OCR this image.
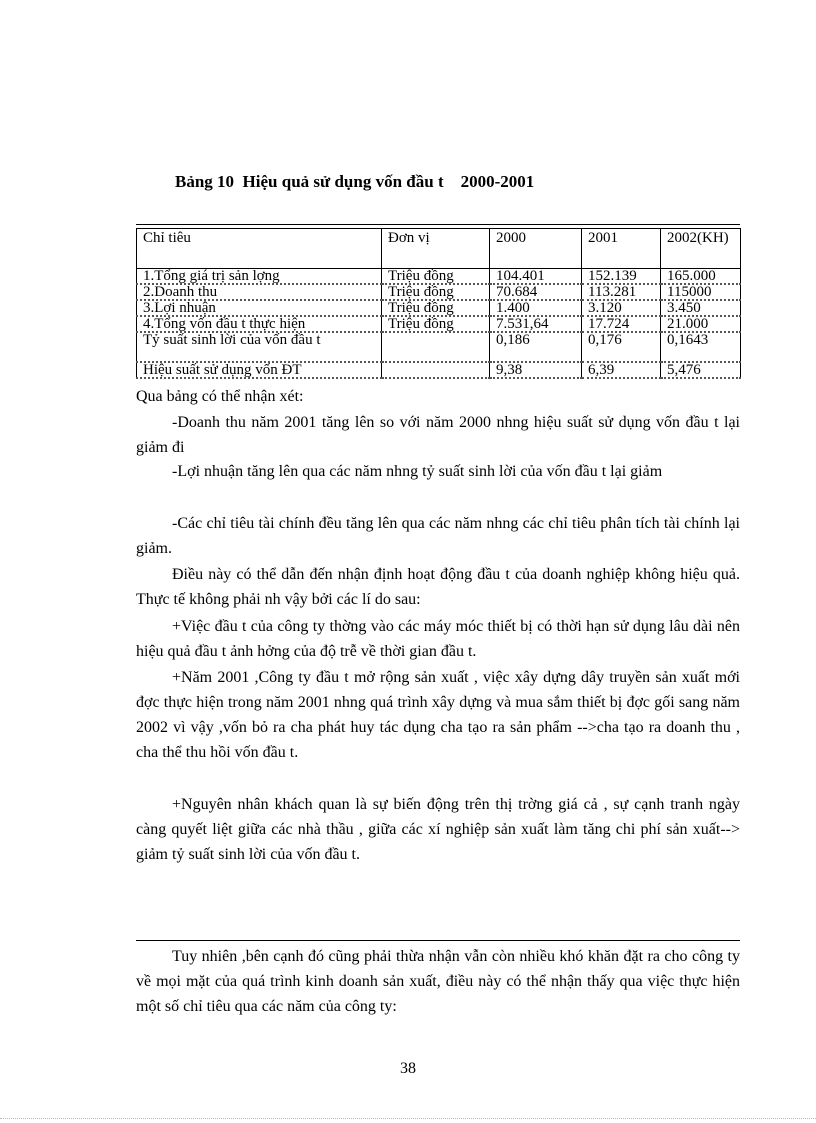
Bảng 10  Hiệu quả sử dụng vốn đầu t    2000-2001
Chỉ tiêu	Đơn vị	2000	2001	2002(KH)
1.Tổng giá trị sản lợng	Triệu đồng	104.401	152.139	165.000
2.Doanh thu	Triệu đồng	70.684	113.281	115000
3.Lợi nhuận	Triệu đồng	1.400	3.120	3.450
4.Tổng vốn đầu t thực hiện	Triệu đồng	7.531,64	17.724	21.000
Tỷ suất sinh lời của vốn đầu t		0,186	0,176	0,1643
Hiệu suất sử dụng vốn ĐT		9,38	6,39	5,476
Qua bảng có thể nhận xét:
-Doanh thu năm 2001 tăng lên so với năm 2000 nhng hiệu suất sử dụng vốn đầu t lại giảm đi
-Lợi nhuận tăng lên qua các năm nhng tỷ suất sinh lời của vốn đầu t lại giảm
-Các chỉ tiêu tài chính đều tăng lên qua các năm nhng các chỉ tiêu phân tích tài chính lại giảm.
Điều này có thể dẫn đến nhận định hoạt động đầu t của doanh nghiệp không hiệu quả. Thực tế không phải nh vậy bởi các lí do sau:
+Việc đầu t của công ty thờng vào các máy móc thiết bị có thời hạn sử dụng lâu dài nên hiệu quả đầu t ảnh hởng của độ trễ về thời gian đầu t.
+Năm 2001 ,Công ty đầu t mở rộng sản xuất , việc xây dựng dây truyền sản xuất mới đợc thực hiện trong năm 2001 nhng quá trình xây dựng và mua sắm thiết bị đợc gối sang năm 2002 vì vậy ,vốn bỏ ra cha phát huy tác dụng cha tạo ra sản phẩm -->cha tạo ra doanh thu , cha thể thu hồi vốn đầu t.
+Nguyên nhân khách quan là sự biến động trên thị trờng giá cả , sự cạnh tranh ngày càng quyết liệt giữa các nhà thầu , giữa các xí nghiệp sản xuất làm tăng chi phí sản xuất--> giảm tỷ suất sinh lời của vốn đầu t.
Tuy nhiên ,bên cạnh đó cũng phải thừa nhận vẫn còn nhiều khó khăn đặt ra cho công ty về mọi mặt của quá trình kinh doanh sản xuất, điều này có thể nhận thấy qua việc thực hiện một số chỉ tiêu qua các năm của công ty:
38
